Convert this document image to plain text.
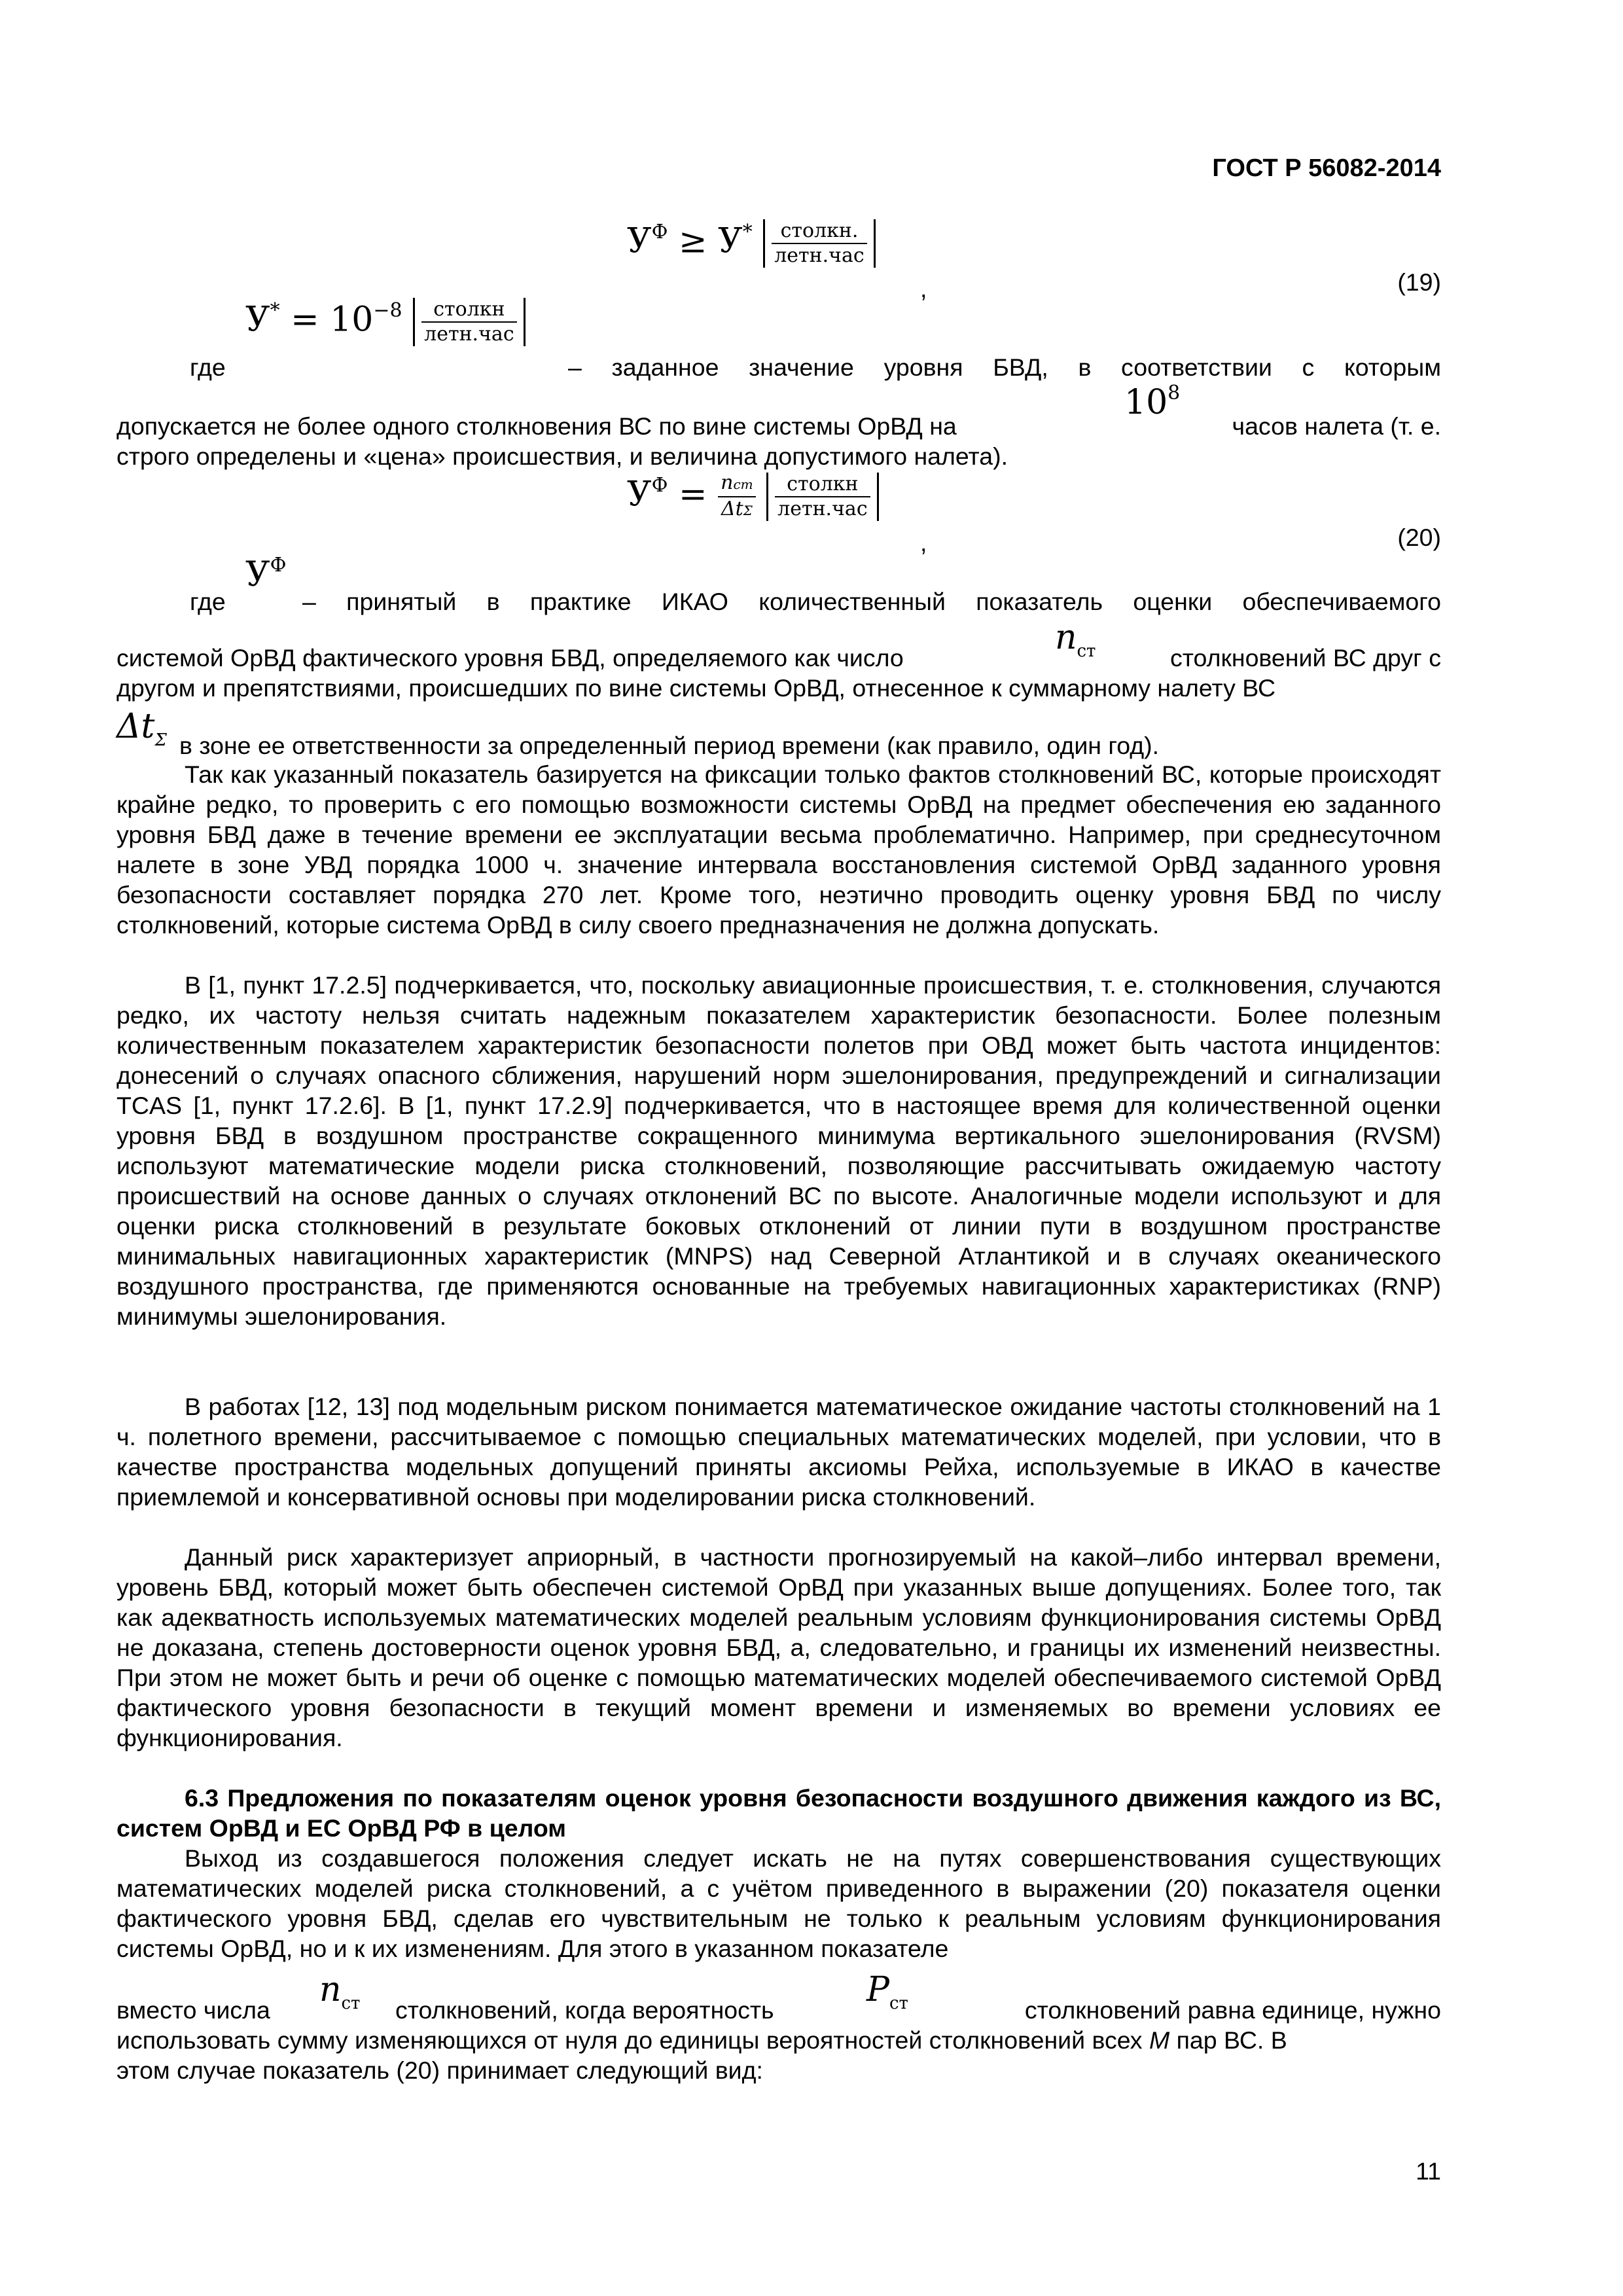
ГОСТ Р 56082-2014
$У^Ф \ge У^* \frac{\text{столкн.}}{\text{летн.час}}$
,	(19)
где
$У^* = 10^{-8} \frac{\text{столкн}}{\text{летн.час}}$
– заданное значение уровня БВД, в соответствии с которым
допускается не более одного столкновения ВС по вине системы ОрВД на
$10^8$
часов налета (т. е.
строго определены и «цена» происшествия, и величина допустимого налета).
$У^Ф = \frac{\text{nст}}{\text{ΔtΣ}}$
$\frac{\text{столкн}}{\text{летн.час}}$
,	(20)
где
$У^Ф$
– принятый в практике ИКАО количественный показатель оценки обеспечиваемого
системой ОрВД фактического уровня БВД, определяемого как число
$n_{ст}$	столкновений ВС друг с
другом и препятствиями, происшедших по вине системы ОрВД, отнесенное к суммарному налету ВС
$\Delta t_\Sigma$ в зоне ее ответственности за определенный период времени (как правило, один год).
Так как указанный показатель базируется на фиксации только фактов столкновений ВС, которые происходят крайне редко, то проверить с его помощью возможности системы ОрВД на предмет обеспечения ею заданного уровня БВД даже в течение времени ее эксплуатации весьма проблематично. Например, при среднесуточном налете в зоне УВД порядка 1000 ч. значение интервала восстановления системой ОрВД заданного уровня безопасности составляет порядка 270 лет. Кроме того, неэтично проводить оценку уровня БВД по числу столкновений, которые система ОрВД в силу своего предназначения не должна допускать.
В [1, пункт 17.2.5] подчеркивается, что, поскольку авиационные происшествия, т. е. столкновения, случаются редко, их частоту нельзя считать надежным показателем характеристик безопасности. Более полезным количественным показателем характеристик безопасности полетов при ОВД может быть частота инцидентов: донесений о случаях опасного сближения, нарушений норм эшелонирования, предупреждений и сигнализации TCAS [1, пункт 17.2.6]. В [1, пункт 17.2.9] подчеркивается, что в настоящее время для количественной оценки уровня БВД в воздушном пространстве сокращенного минимума вертикального эшелонирования (RVSM) используют математические модели риска столкновений, позволяющие рассчитывать ожидаемую частоту происшествий на основе данных о случаях отклонений ВС по высоте. Аналогичные модели используют и для оценки риска столкновений в результате боковых отклонений от линии пути в воздушном пространстве минимальных навигационных характеристик (MNPS) над Северной Атлантикой и в случаях океанического воздушного пространства, где применяются основанные на требуемых навигационных характеристиках (RNP) минимумы эшелонирования.
В работах [12, 13] под модельным риском понимается математическое ожидание частоты столкновений на 1 ч. полетного времени, рассчитываемое с помощью специальных математических моделей, при условии, что в качестве пространства модельных допущений приняты аксиомы Рейха, используемые в ИКАО в качестве приемлемой и консервативной основы при моделировании риска столкновений.
Данный риск характеризует априорный, в частности прогнозируемый на какой–либо интервал времени, уровень БВД, который может быть обеспечен системой ОрВД при указанных выше допущениях. Более того, так как адекватность используемых математических моделей реальным условиям функционирования системы ОрВД не доказана, степень достоверности оценок уровня БВД, а, следовательно, и границы их изменений неизвестны. При этом не может быть и речи об оценке с помощью математических моделей обеспечиваемого системой ОрВД фактического уровня безопасности в текущий момент времени и изменяемых во времени условиях ее функционирования.
6.3 Предложения по показателям оценок уровня безопасности воздушного движения каждого из ВС, систем ОрВД и ЕС ОрВД РФ в целом
Выход из создавшегося положения следует искать не на путях совершенствования существующих математических моделей риска столкновений, а с учётом приведенного в выражении (20) показателя оценки фактического уровня БВД, сделав его чувствительным не только к реальным условиям функционирования системы ОрВД, но и к их изменениям. Для этого в указанном показателе
вместо числа
$n_{ст}$ столкновений, когда вероятность
$P_{ст}$	столкновений равна единице, нужно
использовать сумму изменяющихся от нуля до единицы вероятностей столкновений всех M пар ВС. В
этом случае показатель (20) принимает следующий вид:
11
